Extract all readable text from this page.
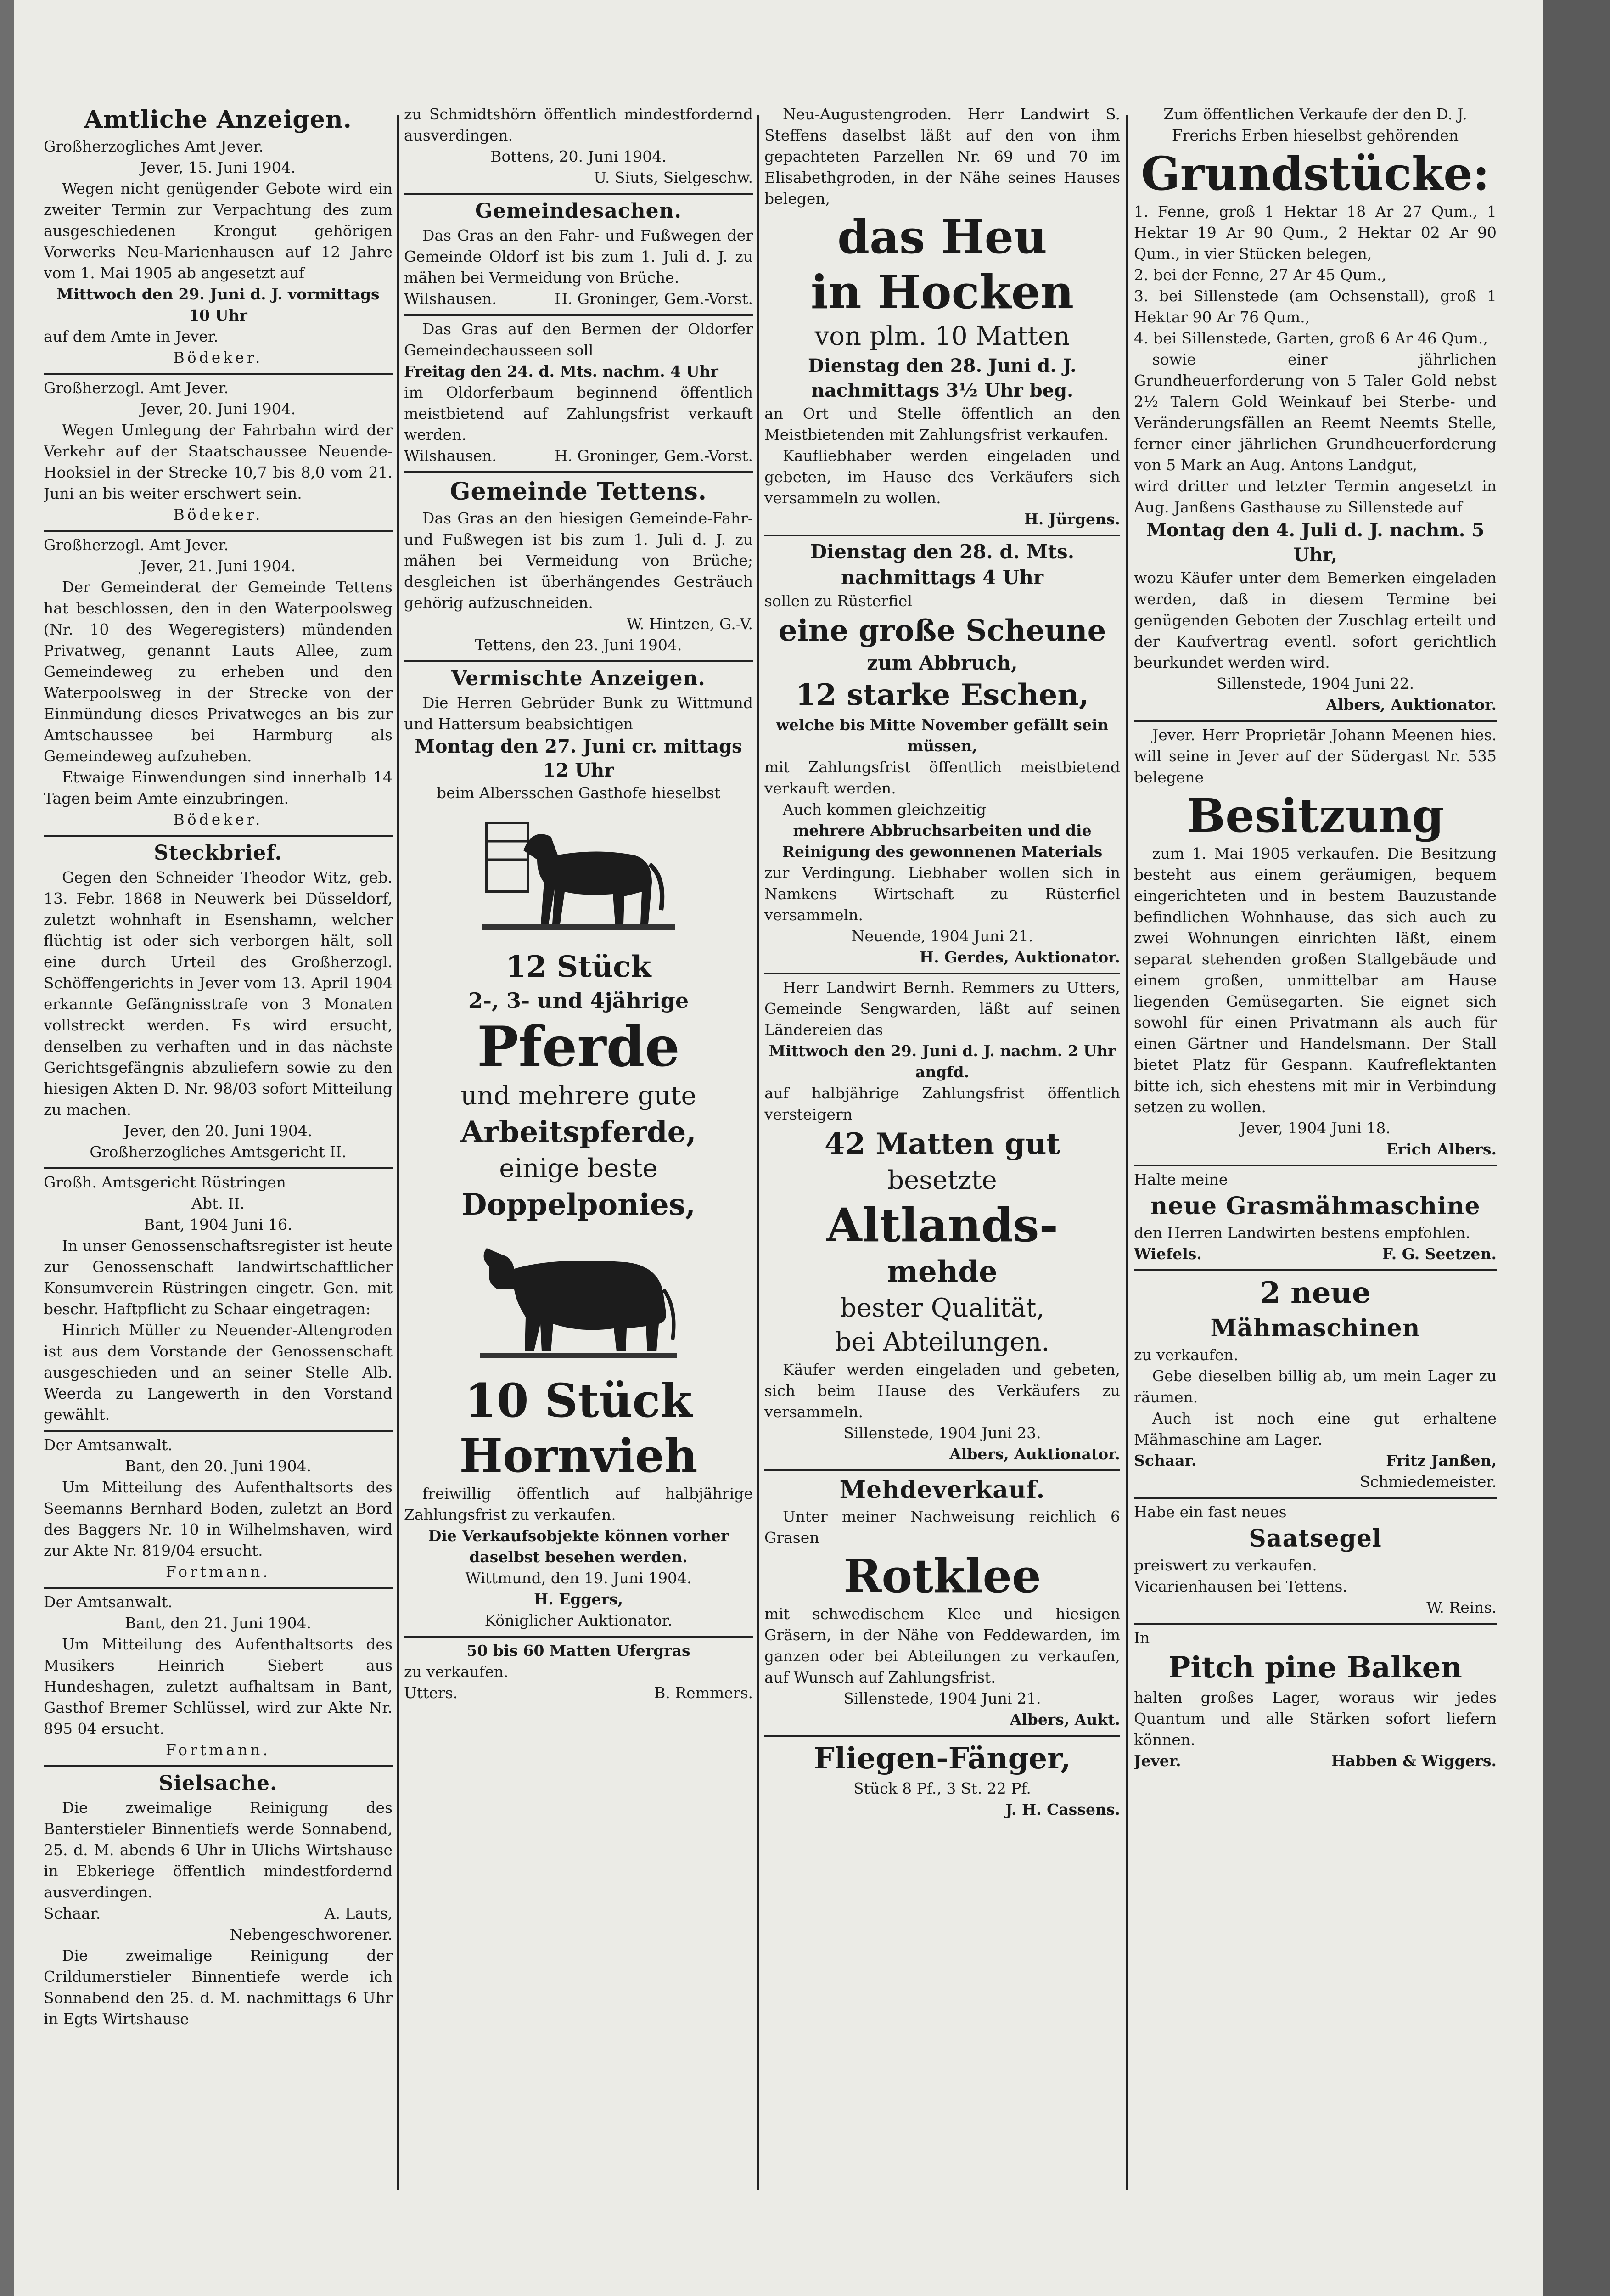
Amtliche Anzeigen.

Großherzogliches Amt Jever.

Jever, 15. Juni 1904.

Wegen nicht genügender Gebote wird ein zweiter Termin zur Verpachtung des zum ausgeschiedenen Krongut gehörigen Vorwerks Neu-Marienhausen auf 12 Jahre vom 1. Mai 1905 ab angesetzt auf

Mittwoch den 29. Juni d. J. vormittags 10 Uhr

auf dem Amte in Jever.

Bödeker.

Großherzogl. Amt Jever.

Jever, 20. Juni 1904.

Wegen Umlegung der Fahrbahn wird der Verkehr auf der Staatschaussee Neuende-Hooksiel in der Strecke 10,7 bis 8,0 vom 21. Juni an bis weiter erschwert sein.

Bödeker.

Großherzogl. Amt Jever.

Jever, 21. Juni 1904.

Der Gemeinderat der Gemeinde Tettens hat beschlossen, den in den Waterpoolsweg (Nr. 10 des Wegeregisters) mündenden Privatweg, genannt Lauts Allee, zum Gemeindeweg zu erheben und den Waterpoolsweg in der Strecke von der Einmündung dieses Privatweges an bis zur Amtschaussee bei Harmburg als Gemeindeweg aufzuheben.

Etwaige Einwendungen sind innerhalb 14 Tagen beim Amte einzubringen.

Bödeker.

Steckbrief.

Gegen den Schneider Theodor Witz, geb. 13. Febr. 1868 in Neuwerk bei Düsseldorf, zuletzt wohnhaft in Esenshamn, welcher flüchtig ist oder sich verborgen hält, soll eine durch Urteil des Großherzogl. Schöffengerichts in Jever vom 13. April 1904 erkannte Gefängnisstrafe von 3 Monaten vollstreckt werden. Es wird ersucht, denselben zu verhaften und in das nächste Gerichtsgefängnis abzuliefern sowie zu den hiesigen Akten D. Nr. 98/03 sofort Mitteilung zu machen.

Jever, den 20. Juni 1904.

Großherzogliches Amtsgericht II.

Großh. Amtsgericht Rüstringen

Abt. II.

Bant, 1904 Juni 16.

In unser Genossenschaftsregister ist heute zur Genossenschaft landwirtschaftlicher Konsumverein Rüstringen eingetr. Gen. mit beschr. Haftpflicht zu Schaar eingetragen:

Hinrich Müller zu Neuender-Altengroden ist aus dem Vorstande der Genossenschaft ausgeschieden und an seiner Stelle Alb. Weerda zu Langewerth in den Vorstand gewählt.

Der Amtsanwalt.

Bant, den 20. Juni 1904.

Um Mitteilung des Aufenthaltsorts des Seemanns Bernhard Boden, zuletzt an Bord des Baggers Nr. 10 in Wilhelmshaven, wird zur Akte Nr. 819/04 ersucht.

Fortmann.

Der Amtsanwalt.

Bant, den 21. Juni 1904.

Um Mitteilung des Aufenthaltsorts des Musikers Heinrich Siebert aus Hundeshagen, zuletzt aufhaltsam in Bant, Gasthof Bremer Schlüssel, wird zur Akte Nr. 895 04 ersucht.

Fortmann.

Sielsache.

Die zweimalige Reinigung des Banterstieler Binnentiefs werde Sonnabend, 25. d. M. abends 6 Uhr in Ulichs Wirtshause in Ebkeriege öffentlich mindestfordernd ausverdingen.

Schaar.	A. Lauts,

Nebengeschworener.

Die zweimalige Reinigung der Crildumerstieler Binnentiefe werde ich Sonnabend den 25. d. M. nachmittags 6 Uhr in Egts Wirtshause

zu Schmidtshörn öffentlich mindestfordernd ausverdingen.

Bottens, 20. Juni 1904.

U. Siuts, Sielgeschw.

Gemeindesachen.

Das Gras an den Fahr- und Fußwegen der Gemeinde Oldorf ist bis zum 1. Juli d. J. zu mähen bei Vermeidung von Brüche.

Wilshausen.	H. Groninger, Gem.-Vorst.

Das Gras auf den Bermen der Oldorfer Gemeindechausseen soll

Freitag den 24. d. Mts. nachm. 4 Uhr

im Oldorferbaum beginnend öffentlich meistbietend auf Zahlungsfrist verkauft werden.

Wilshausen.	H. Groninger, Gem.-Vorst.
Gemeinde Tettens.

Das Gras an den hiesigen Gemeinde-Fahr- und Fußwegen ist bis zum 1. Juli d. J. zu mähen bei Vermeidung von Brüche; desgleichen ist überhängendes Gesträuch gehörig aufzuschneiden.

W. Hintzen, G.-V.

Tettens, den 23. Juni 1904.

Vermischte Anzeigen.

Die Herren Gebrüder Bunk zu Wittmund und Hattersum beabsichtigen

Montag den 27. Juni cr. mittags 12 Uhr

beim Albersschen Gasthofe hieselbst

12 Stück

2-, 3- und 4jährige

Pferde
und mehrere gute
Arbeitspferde,
einige beste
Doppelponies,
10 Stück
Hornvieh

freiwillig öffentlich auf halbjährige Zahlungsfrist zu verkaufen.

Die Verkaufsobjekte können vorher daselbst besehen werden.

Wittmund, den 19. Juni 1904.

H. Eggers,

Königlicher Auktionator.

50 bis 60 Matten Ufergras

zu verkaufen.

Utters.	B. Remmers.

Neu-Augustengroden. Herr Landwirt S. Steffens daselbst läßt auf den von ihm gepachteten Parzellen Nr. 69 und 70 im Elisabethgroden, in der Nähe seines Hauses belegen,

das Heu
in Hocken
von plm. 10 Matten

Dienstag den 28. Juni d. J. nachmittags 3½ Uhr beg.

an Ort und Stelle öffentlich an den Meistbietenden mit Zahlungsfrist verkaufen.

Kaufliebhaber werden eingeladen und gebeten, im Hause des Verkäufers sich versammeln zu wollen.

H. Jürgens.

Dienstag den 28. d. Mts. nachmittags 4 Uhr

sollen zu Rüsterfiel

eine große Scheune

zum Abbruch,

12 starke Eschen,

welche bis Mitte November gefällt sein müssen,

mit Zahlungsfrist öffentlich meistbietend verkauft werden.

Auch kommen gleichzeitig

mehrere Abbruchsarbeiten und die Reinigung des gewonnenen Materials

zur Verdingung. Liebhaber wollen sich in Namkens Wirtschaft zu Rüsterfiel versammeln.

Neuende, 1904 Juni 21.

H. Gerdes, Auktionator.

Herr Landwirt Bernh. Remmers zu Utters, Gemeinde Sengwarden, läßt auf seinen Ländereien das

Mittwoch den 29. Juni d. J. nachm. 2 Uhr angfd.

auf halbjährige Zahlungsfrist öffentlich versteigern

42 Matten gut
besetzte
Altlands-
mehde
bester Qualität,
bei Abteilungen.

Käufer werden eingeladen und gebeten, sich beim Hause des Verkäufers zu versammeln.

Sillenstede, 1904 Juni 23.

Albers, Auktionator.

Mehdeverkauf.

Unter meiner Nachweisung reichlich 6 Grasen

Rotklee

mit schwedischem Klee und hiesigen Gräsern, in der Nähe von Feddewarden, im ganzen oder bei Abteilungen zu verkaufen, auf Wunsch auf Zahlungsfrist.

Sillenstede, 1904 Juni 21.

Albers, Aukt.

Fliegen-Fänger,

Stück 8 Pf., 3 St. 22 Pf.

J. H. Cassens.

Zum öffentlichen Verkaufe der den D. J. Frerichs Erben hieselbst gehörenden

Grundstücke:

1. Fenne, groß 1 Hektar 18 Ar 27 Qum., 1 Hektar 19 Ar 90 Qum., 2 Hektar 02 Ar 90 Qum., in vier Stücken belegen,

2. bei der Fenne, 27 Ar 45 Qum.,

3. bei Sillenstede (am Ochsenstall), groß 1 Hektar 90 Ar 76 Qum.,

4. bei Sillenstede, Garten, groß 6 Ar 46 Qum.,

sowie einer jährlichen Grundheuerforderung von 5 Taler Gold nebst 2½ Talern Gold Weinkauf bei Sterbe- und Veränderungsfällen an Reemt Neemts Stelle, ferner einer jährlichen Grundheuerforderung von 5 Mark an Aug. Antons Landgut,

wird dritter und letzter Termin angesetzt in Aug. Janßens Gasthause zu Sillenstede auf

Montag den 4. Juli d. J. nachm. 5 Uhr,

wozu Käufer unter dem Bemerken eingeladen werden, daß in diesem Termine bei genügenden Geboten der Zuschlag erteilt und der Kaufvertrag eventl. sofort gerichtlich beurkundet werden wird.

Sillenstede, 1904 Juni 22.

Albers, Auktionator.

Jever. Herr Proprietär Johann Meenen hies. will seine in Jever auf der Südergast Nr. 535 belegene

Besitzung

zum 1. Mai 1905 verkaufen. Die Besitzung besteht aus einem geräumigen, bequem eingerichteten und in bestem Bauzustande befindlichen Wohnhause, das sich auch zu zwei Wohnungen einrichten läßt, einem separat stehenden großen Stallgebäude und einem großen, unmittelbar am Hause liegenden Gemüsegarten. Sie eignet sich sowohl für einen Privatmann als auch für einen Gärtner und Handelsmann. Der Stall bietet Platz für Gespann. Kaufreflektanten bitte ich, sich ehestens mit mir in Verbindung setzen zu wollen.

Jever, 1904 Juni 18.

Erich Albers.

Halte meine

neue Grasmähmaschine

den Herren Landwirten bestens empfohlen.

Wiefels.	F. G. Seetzen.
2 neue
Mähmaschinen

zu verkaufen.

Gebe dieselben billig ab, um mein Lager zu räumen.

Auch ist noch eine gut erhaltene Mähmaschine am Lager.

Schaar.	Fritz Janßen,

Schmiedemeister.

Habe ein fast neues

Saatsegel

preiswert zu verkaufen.

Vicarienhausen bei Tettens.

W. Reins.

In

Pitch pine Balken

halten großes Lager, woraus wir jedes Quantum und alle Stärken sofort liefern können.

Jever.	Habben & Wiggers.
